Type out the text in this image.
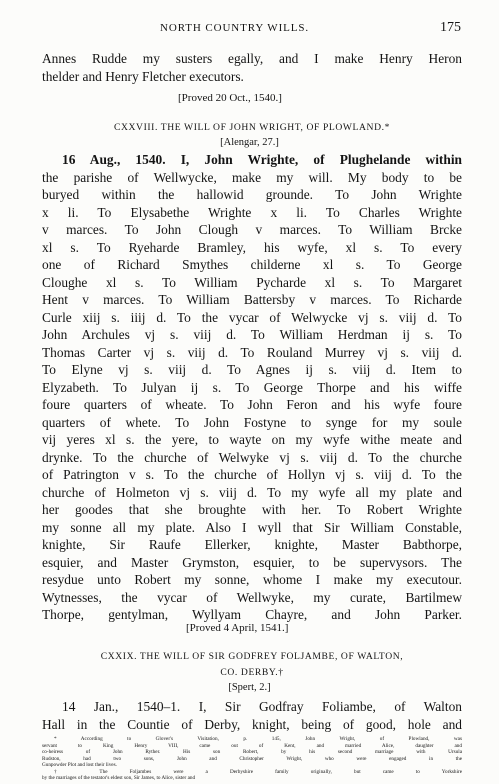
NORTH COUNTRY WILLS.	175
Annes Rudde my susters egally, and I make Henry Heron
thelder and Henry Fletcher executors.
[Proved 20 Oct., 1540.]
CXXVIII. THE WILL OF JOHN WRIGHT, OF PLOWLAND.*
[Alengar, 27.]
16 Aug., 1540. I, John Wrighte, of Plughelande within
the parishe of Wellwycke, make my will. My body to be
buryed within the hallowid grounde. To John Wrighte
x li. To Elysabethe Wrighte x li. To Charles Wrighte
v marces. To John Clough v marces. To William Brcke
xl s. To Ryeharde Bramley, his wyfe, xl s. To every
one of Richard Smythes childerne xl s. To George
Cloughe xl s. To William Pycharde xl s. To Margaret
Hent v marces. To William Battersby v marces. To Richarde
Curle xiij s. iiij d. To the vycar of Welwycke vj s. viij d. To
John Archules vj s. viij d. To William Herdman ij s. To
Thomas Carter vj s. viij d. To Rouland Murrey vj s. viij d.
To Elyne vj s. viij d. To Agnes ij s. viij d. Item to
Elyzabeth. To Julyan ij s. To George Thorpe and his wiffe
foure quarters of wheate. To John Feron and his wyfe foure
quarters of whete. To John Fostyne to synge for my soule
vij yeres xl s. the yere, to wayte on my wyfe withe meate and
drynke. To the churche of Welwyke vj s. viij d. To the churche
of Patrington v s. To the churche of Hollyn vj s. viij d. To the
churche of Holmeton vj s. viij d. To my wyfe all my plate and
her goodes that she broughte with her. To Robert Wrighte
my sonne all my plate. Also I wyll that Sir William Constable,
knighte, Sir Raufe Ellerker, knighte, Master Babthorpe,
esquier, and Master Grymston, esquier, to be supervysors. The
resydue unto Robert my sonne, whome I make my executour.
Wytnesses, the vycar of Wellwyke, my curate, Bartilmew
Thorpe, gentylman, Wyllyam Chayre, and John Parker.
[Proved 4 April, 1541.]
CXXIX. THE WILL OF SIR GODFREY FOLJAMBE, OF WALTON,
CO. DERBY.†
[Spert, 2.]
14 Jan., 1540–1. I, Sir Godfray Foliambe, of Walton
Hall in the Countie of Derby, knight, being of good, hole and
* According to Glover's Visitation, p. 145, John Wright, of Plowland, was
servant to King Henry VIII, came out of Kent, and married Alice, daughter and
co-heiress of John Ryther. His son Robert, by his second marriage with Ursula
Rudston, had two sons, John and Christopher Wright, who were engaged in the
Gunpowder Plot and lost their lives.
† The Foljambes were a Derbyshire family originally, but came to Yorkshire
by the marriages of the testator's eldest son, Sir James, to Alice, sister and
